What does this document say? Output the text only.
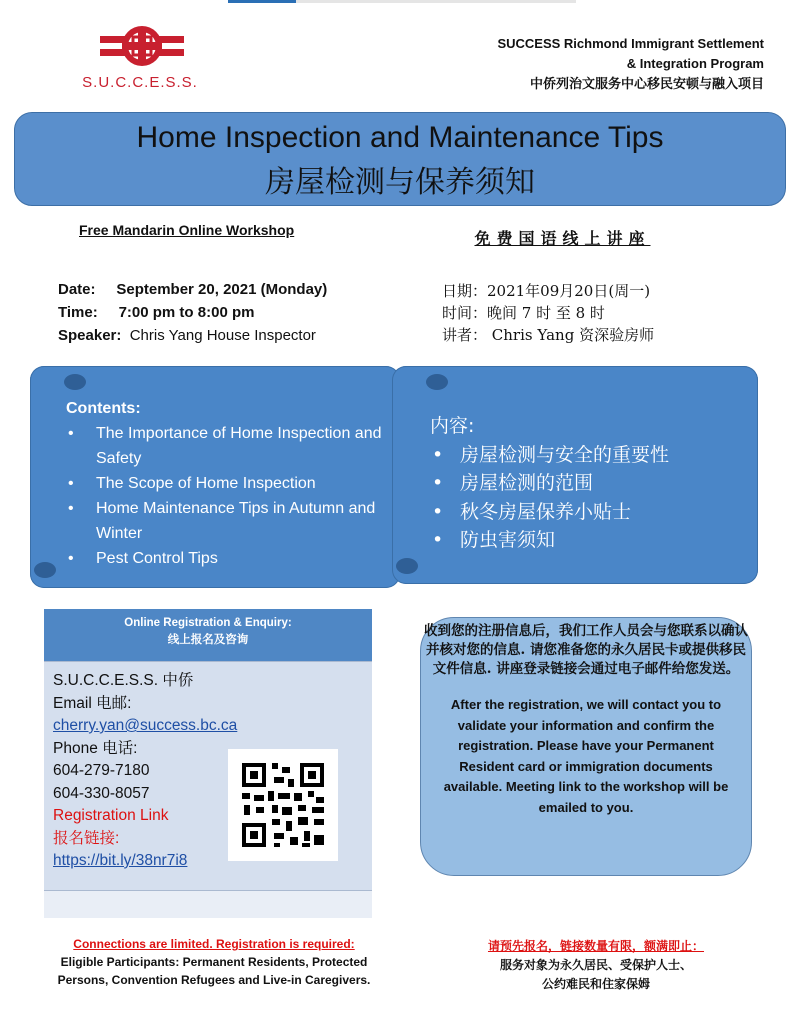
S.U.C.C.E.S.S.
SUCCESS Richmond Immigrant Settlement
& Integration Program
中侨列治文服务中心移民安顿与融入项目
Home Inspection and Maintenance Tips
房屋检测与保养须知
Free Mandarin Online Workshop	免费国语线上讲座
Date: September 20, 2021 (Monday)
Time: 7:00 pm to 8:00 pm
Speaker: Chris Yang House Inspector
日期：2021年09月20日(周一)
时间：晚间 7 时 至 8 时
讲者： Chris Yang 资深验房师
Contents:
• The Importance of Home Inspection and Safety
• The Scope of Home Inspection
• Home Maintenance Tips in Autumn and Winter
• Pest Control Tips
内容:
• 房屋检测与安全的重要性
• 房屋检测的范围
• 秋冬房屋保养小贴士
• 防虫害须知
Online Registration & Enquiry:
线上报名及咨询
S.U.C.C.E.S.S. 中侨
Email 电邮:
cherry.yan@success.bc.ca
Phone 电话:
604-279-7180
604-330-8057
Registration Link
报名链接:
https://bit.ly/38nr7i8
收到您的注册信息后，我们工作人员会与您联系以确认并核对您的信息. 请您准备您的永久居民卡或提供移民文件信息. 讲座登录链接会通过电子邮件给您发送。
After the registration, we will contact you to validate your information and confirm the registration. Please have your Permanent Resident card or immigration documents available. Meeting link to the workshop will be emailed to you.
Connections are limited. Registration is required:
Eligible Participants: Permanent Residents, Protected Persons, Convention Refugees and Live-in Caregivers.
请预先报名，链接数量有限，额满即止：
服务对象为永久居民、受保护人士、
公约难民和住家保姆
